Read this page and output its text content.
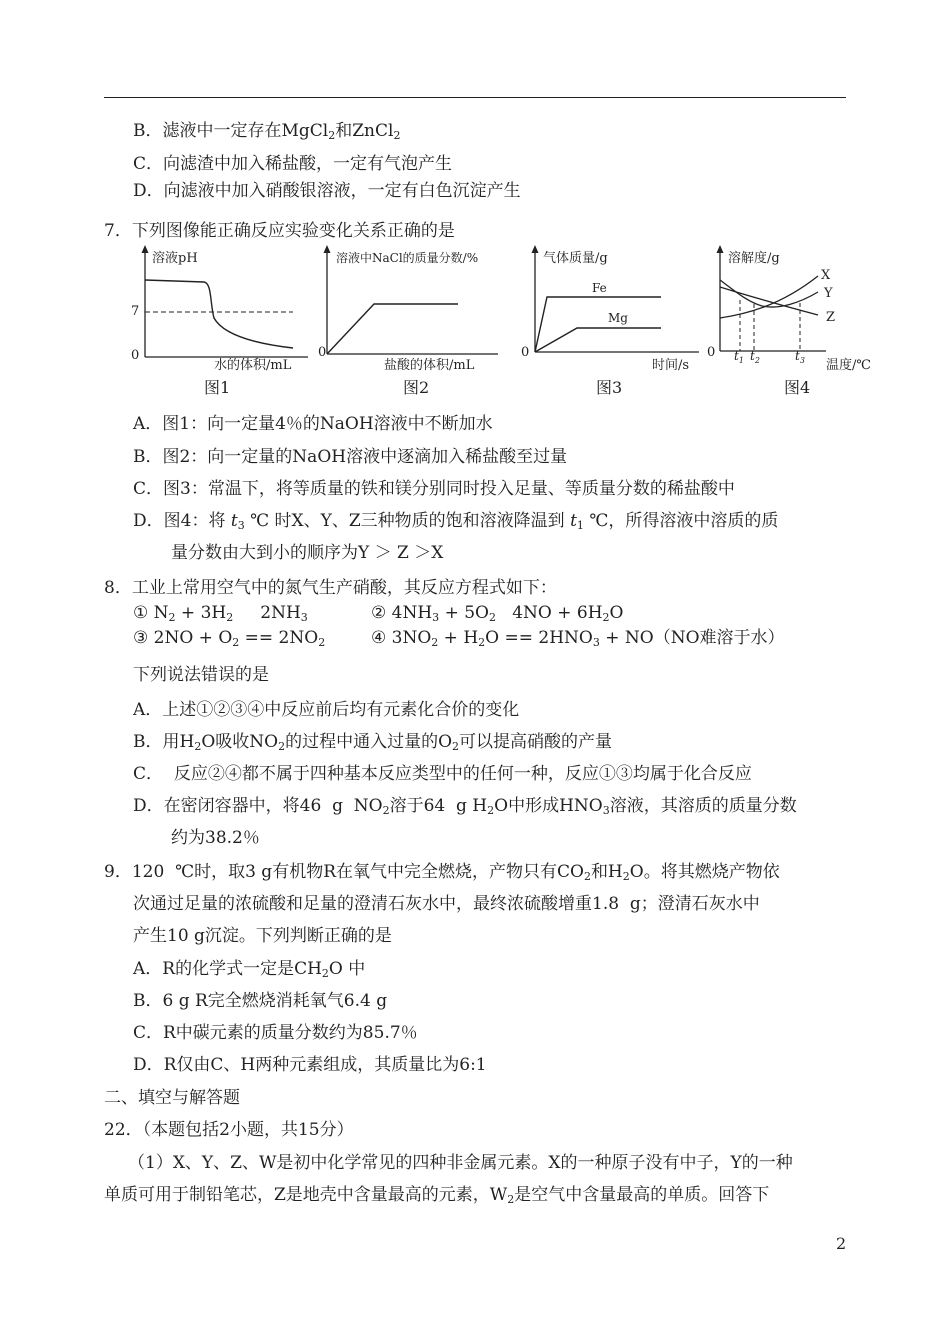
B．滤液中一定存在MgCl$_2$和ZnCl$_2$
C．向滤渣中加入稀盐酸，一定有气泡产生
D．向滤液中加入硝酸银溶液，一定有白色沉淀产生
7．下列图像能正确反应实验变化关系正确的是
溶液pH
7
0
水的体积/mL
图1
溶液中NaCl的质量分数/%
0
盐酸的体积/mL
图2
气体质量/g
Fe
Mg
0
时间/s
图3
溶解度/g
X
Y
Z
0 $t_1$ $t_2$	$t_3$ 温度/℃
图4
A．图1：向一定量4％的NaOH溶液中不断加水
B．图2：向一定量的NaOH溶液中逐滴加入稀盐酸至过量
C．图3：常温下，将等质量的铁和镁分别同时投入足量、等质量分数的稀盐酸中
D．图4：将 $t_3$ ℃ 时X、Y、Z三种物质的饱和溶液降温到 $t_1$ ℃，所得溶液中溶质的质
量分数由大到小的顺序为Y ＞ Z ＞X
8．工业上常用空气中的氮气生产硝酸，其反应方程式如下：
① $N_2 + 3H_2$     $2NH_3$	② $4NH_3 + 5O_2$   $4NO + 6H_2O$
③ $2NO + O_2 == 2NO_2$	④ $3NO_2 + H_2O == 2HNO_3 + NO(NO$难溶于水）
下列说法错误的是
A．上述①②③④中反应前后均有元素化合价的变化
B．用$H_2O$吸收$NO_2$的过程中通入过量的$O_2$可以提高硝酸的产量
C．  反应②④都不属于四种基本反应类型中的任何一种，反应①③均属于化合反应
D．在密闭容器中，将46  g  $NO_2$溶于64  g $H_2O$中形成$HNO_3$溶液，其溶质的质量分数
约为38.2％
9．120  ℃时，取3 g有机物R在氧气中完全燃烧，产物只有$CO_2$和$H_2O$。将其燃烧产物依
次通过足量的浓硫酸和足量的澄清石灰水中，最终浓硫酸增重1.8  g；澄清石灰水中
产生10 g沉淀。下列判断正确的是
A．R的化学式一定是$CH_2O$ 中
B．6 g R完全燃烧消耗氧气6.4 g
C．R中碳元素的质量分数约为85.7％
D．R仅由C、H两种元素组成，其质量比为6:1
二、填空与解答题
22．（本题包括2小题，共15分）
（1）X、Y、Z、W是初中化学常见的四种非金属元素。X的一种原子没有中子，Y的一种
单质可用于制铅笔芯，Z是地壳中含量最高的元素，$W_2$是空气中含量最高的单质。回答下
2
